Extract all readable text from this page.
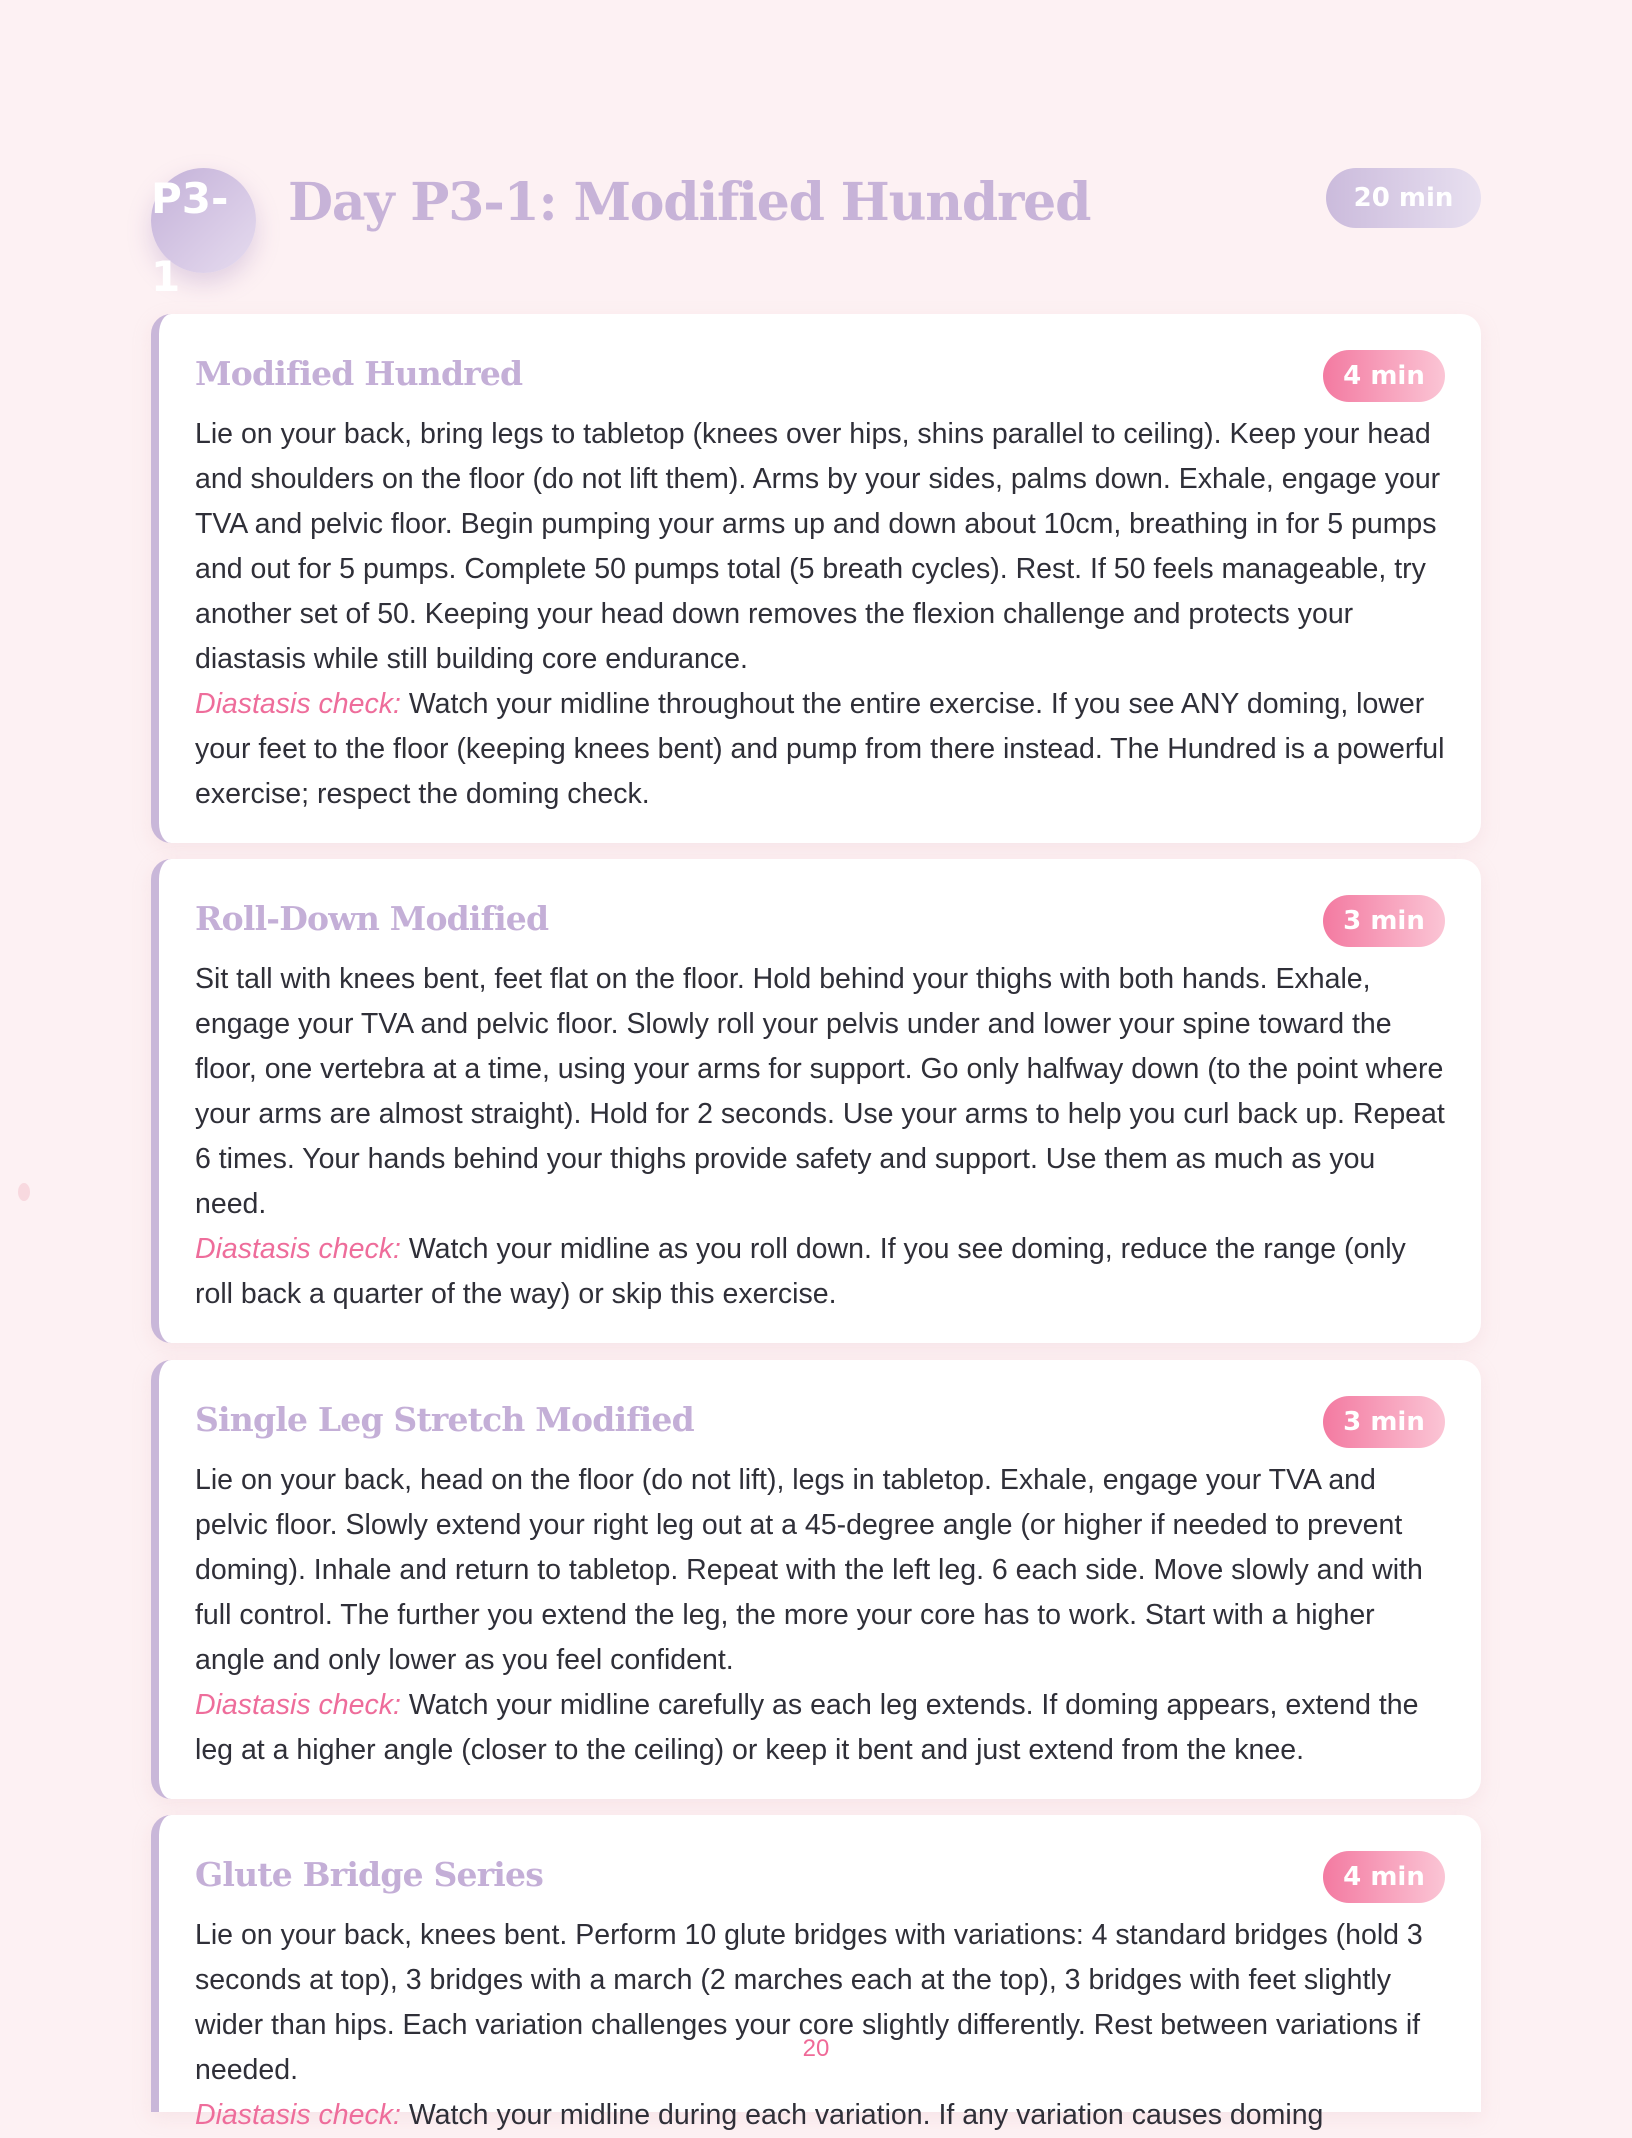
P3-1
Day P3-1: Modified Hundred	20 min
Modified Hundred	4 min

Lie on your back, bring legs to tabletop (knees over hips, shins parallel to ceiling). Keep your head and shoulders on the floor (do not lift them). Arms by your sides, palms down. Exhale, engage your TVA and pelvic floor. Begin pumping your arms up and down about 10cm, breathing in for 5 pumps and out for 5 pumps. Complete 50 pumps total (5 breath cycles). Rest. If 50 feels manageable, try another set of 50. Keeping your head down removes the flexion challenge and protects your diastasis while still building core endurance.

Diastasis check: Watch your midline throughout the entire exercise. If you see ANY doming, lower your feet to the floor (keeping knees bent) and pump from there instead. The Hundred is a powerful exercise; respect the doming check.

Roll-Down Modified	3 min

Sit tall with knees bent, feet flat on the floor. Hold behind your thighs with both hands. Exhale, engage your TVA and pelvic floor. Slowly roll your pelvis under and lower your spine toward the floor, one vertebra at a time, using your arms for support. Go only halfway down (to the point where your arms are almost straight). Hold for 2 seconds. Use your arms to help you curl back up. Repeat 6 times. Your hands behind your thighs provide safety and support. Use them as much as you need.

Diastasis check: Watch your midline as you roll down. If you see doming, reduce the range (only roll back a quarter of the way) or skip this exercise.

Single Leg Stretch Modified	3 min

Lie on your back, head on the floor (do not lift), legs in tabletop. Exhale, engage your TVA and pelvic floor. Slowly extend your right leg out at a 45-degree angle (or higher if needed to prevent doming). Inhale and return to tabletop. Repeat with the left leg. 6 each side. Move slowly and with full control. The further you extend the leg, the more your core has to work. Start with a higher angle and only lower as you feel confident.

Diastasis check: Watch your midline carefully as each leg extends. If doming appears, extend the leg at a higher angle (closer to the ceiling) or keep it bent and just extend from the knee.

Glute Bridge Series	4 min

Lie on your back, knees bent. Perform 10 glute bridges with variations: 4 standard bridges (hold 3 seconds at top), 3 bridges with a march (2 marches each at the top), 3 bridges with feet slightly wider than hips. Each variation challenges your core slightly differently. Rest between variations if needed.

Diastasis check: Watch your midline during each variation. If any variation causes doming

20
